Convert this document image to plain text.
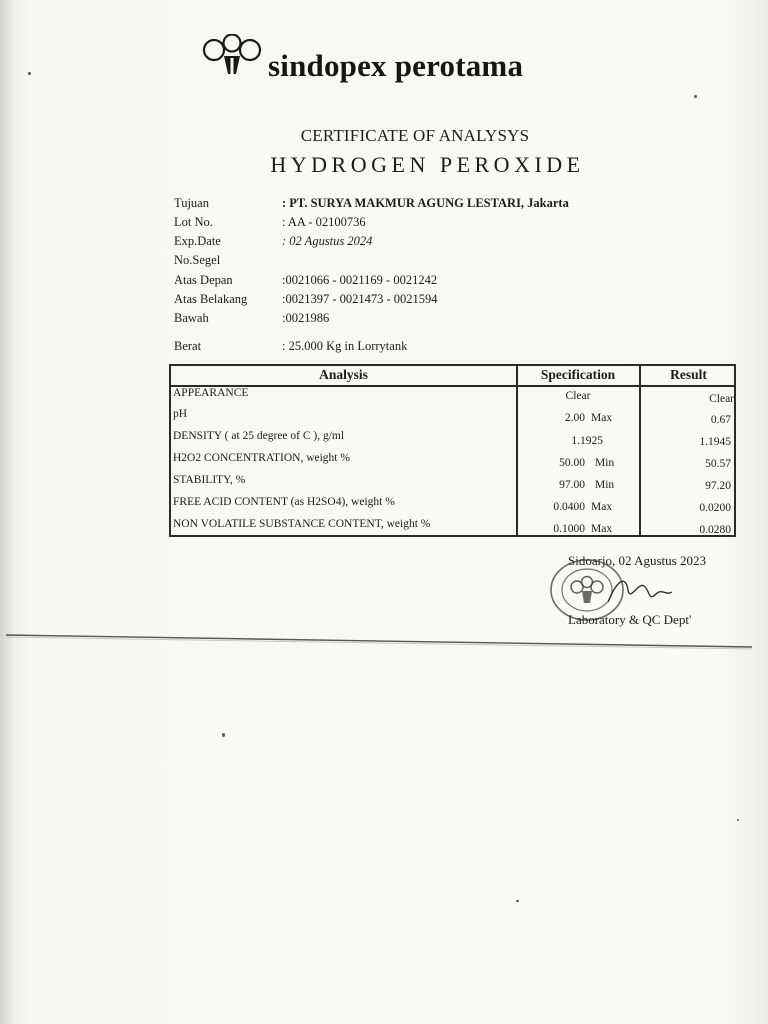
sindopex perotama
CERTIFICATE OF ANALYSYS
HYDROGEN PEROXIDE
Tujuan	: PT. SURYA MAKMUR AGUNG LESTARI, Jakarta
Lot No.	: AA - 02100736
Exp.Date	: 02 Agustus 2024
No.Segel
Atas Depan	:0021066 - 0021169 - 0021242
Atas Belakang	:0021397 - 0021473 - 0021594
Bawah	:0021986
Berat	: 25.000 Kg in Lorrytank
Analysis	Specification	Result
APPEARANCE	Clear	Clear
pH	2.00 Max	0.67
DENSITY ( at 25 degree of C ), g/ml	1.1925	1.1945
H2O2 CONCENTRATION, weight %	50.00 Min	50.57
STABILITY, %	97.00 Min	97.20
FREE ACID CONTENT (as H2SO4), weight %	0.0400 Max	0.0200
NON VOLATILE SUBSTANCE CONTENT, weight %	0.1000 Max	0.0280
Sidoarjo, 02 Agustus 2023
Laboratory & QC Dept'
